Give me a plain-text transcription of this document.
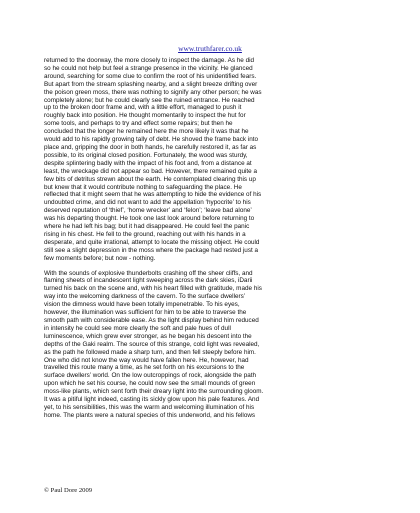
www.truthfarer.co.uk

returned to the doorway, the more closely to inspect the damage. As he did
so he could not help but feel a strange presence in the vicinity. He glanced
around, searching for some clue to confirm the root of his unidentified fears.
But apart from the stream splashing nearby, and a slight breeze drifting over
the poison green moss, there was nothing to signify any other person; he was
completely alone; but he could clearly see the ruined entrance. He reached
up to the broken door frame and, with a little effort, managed to push it
roughly back into position. He thought momentarily to inspect the hut for
some tools, and perhaps to try and effect some repairs; but then he
concluded that the longer he remained here the more likely it was that he
would add to his rapidly growing tally of debt. He shoved the frame back into
place and, gripping the door in both hands, he carefully restored it, as far as
possible, to its original closed position. Fortunately, the wood was sturdy,
despite splintering badly with the impact of his foot and, from a distance at
least, the wreckage did not appear so bad. However, there remained quite a
few bits of detritus strewn about the earth. He contemplated clearing this up
but knew that it would contribute nothing to safeguarding the place. He
reflected that it might seem that he was attempting to hide the evidence of his
undoubted crime, and did not want to add the appellation ‘hypocrite’ to his
deserved reputation of ‘thief’, ‘home wrecker’ and ‘felon’; ‘leave bad alone’
was his departing thought. He took one last look around before returning to
where he had left his bag; but it had disappeared. He could feel the panic
rising in his chest. He fell to the ground, reaching out with his hands in a
desperate, and quite irrational, attempt to locate the missing object. He could
still see a slight depression in the moss where the package had rested just a
few moments before; but now - nothing.

With the sounds of explosive thunderbolts crashing off the sheer cliffs, and
flaming sheets of incandescent light sweeping across the dark skies, iDarii
turned his back on the scene and, with his heart filled with gratitude, made his
way into the welcoming darkness of the cavern. To the surface dwellers’
vision the dimness would have been totally impenetrable. To his eyes,
however, the illumination was sufficient for him to be able to traverse the
smooth path with considerable ease. As the light display behind him reduced
in intensity he could see more clearly the soft and pale hues of dull
luminescence, which grew ever stronger, as he began his descent into the
depths of the Gaki realm. The source of this strange, cold light was revealed,
as the path he followed made a sharp turn, and then fell steeply before him.
One who did not know the way would have fallen here. He, however, had
travelled this route many a time, as he set forth on his excursions to the
surface dwellers’ world. On the low outcroppings of rock, alongside the path
upon which he set his course, he could now see the small mounds of green
moss-like plants, which sent forth their dreary light into the surrounding gloom.
It was a pitiful light indeed, casting its sickly glow upon his pale features. And
yet, to his sensibilities, this was the warm and welcoming illumination of his
home. The plants were a natural species of this underworld, and his fellows

© Paul Dore 2009
